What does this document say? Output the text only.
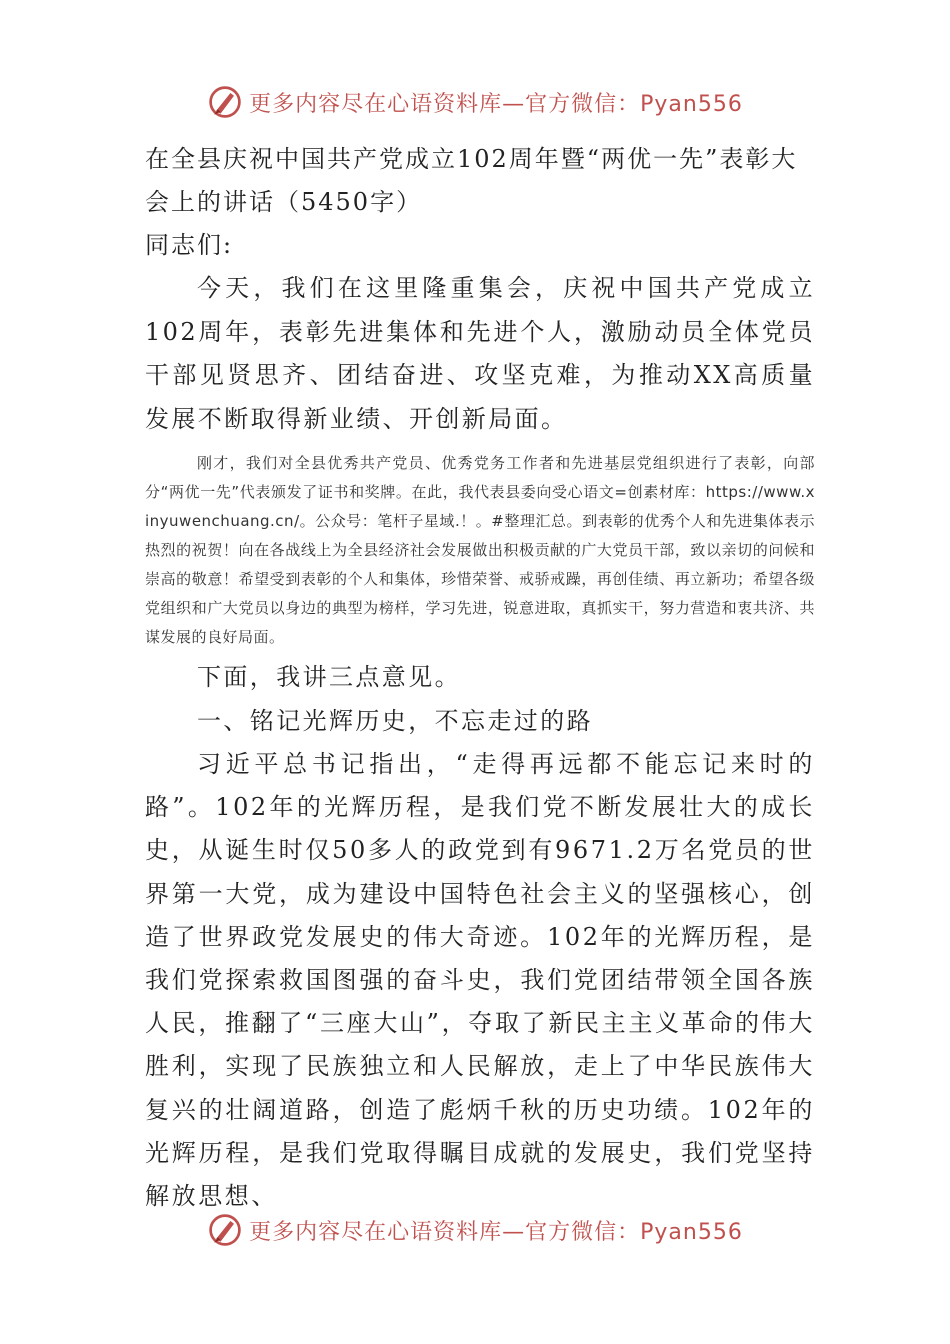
更多内容尽在心语资料库—官方微信：Pyan556

在全县庆祝中国共产党成立102周年暨“两优一先”表彰大会上的讲话（5450字）

同志们:

今天，我们在这里隆重集会，庆祝中国共产党成立102周年，表彰先进集体和先进个人，激励动员全体党员干部见贤思齐、团结奋进、攻坚克难，为推动XX高质量发展不断取得新业绩、开创新局面。

刚才，我们对全县优秀共产党员、优秀党务工作者和先进基层党组织进行了表彰，向部分“两优一先”代表颁发了证书和奖牌。在此，我代表县委向受心语文=创素材库：https://www.xinyuwenchuang.cn/。公众号：笔杆子星域.！。#整理汇总。到表彰的优秀个人和先进集体表示热烈的祝贺！向在各战线上为全县经济社会发展做出积极贡献的广大党员干部，致以亲切的问候和崇高的敬意！希望受到表彰的个人和集体，珍惜荣誉、戒骄戒躁，再创佳绩、再立新功；希望各级党组织和广大党员以身边的典型为榜样，学习先进，锐意进取，真抓实干，努力营造和衷共济、共谋发展的良好局面。

下面，我讲三点意见。

一、铭记光辉历史，不忘走过的路

习近平总书记指出，“走得再远都不能忘记来时的路”。102年的光辉历程，是我们党不断发展壮大的成长史，从诞生时仅50多人的政党到有9671.2万名党员的世界第一大党，成为建设中国特色社会主义的坚强核心，创造了世界政党发展史的伟大奇迹。102年的光辉历程，是我们党探索救国图强的奋斗史，我们党团结带领全国各族人民，推翻了“三座大山”，夺取了新民主主义革命的伟大胜利，实现了民族独立和人民解放，走上了中华民族伟大复兴的壮阔道路，创造了彪炳千秋的历史功绩。102年的光辉历程，是我们党取得瞩目成就的发展史，我们党坚持解放思想、

更多内容尽在心语资料库—官方微信：Pyan556
